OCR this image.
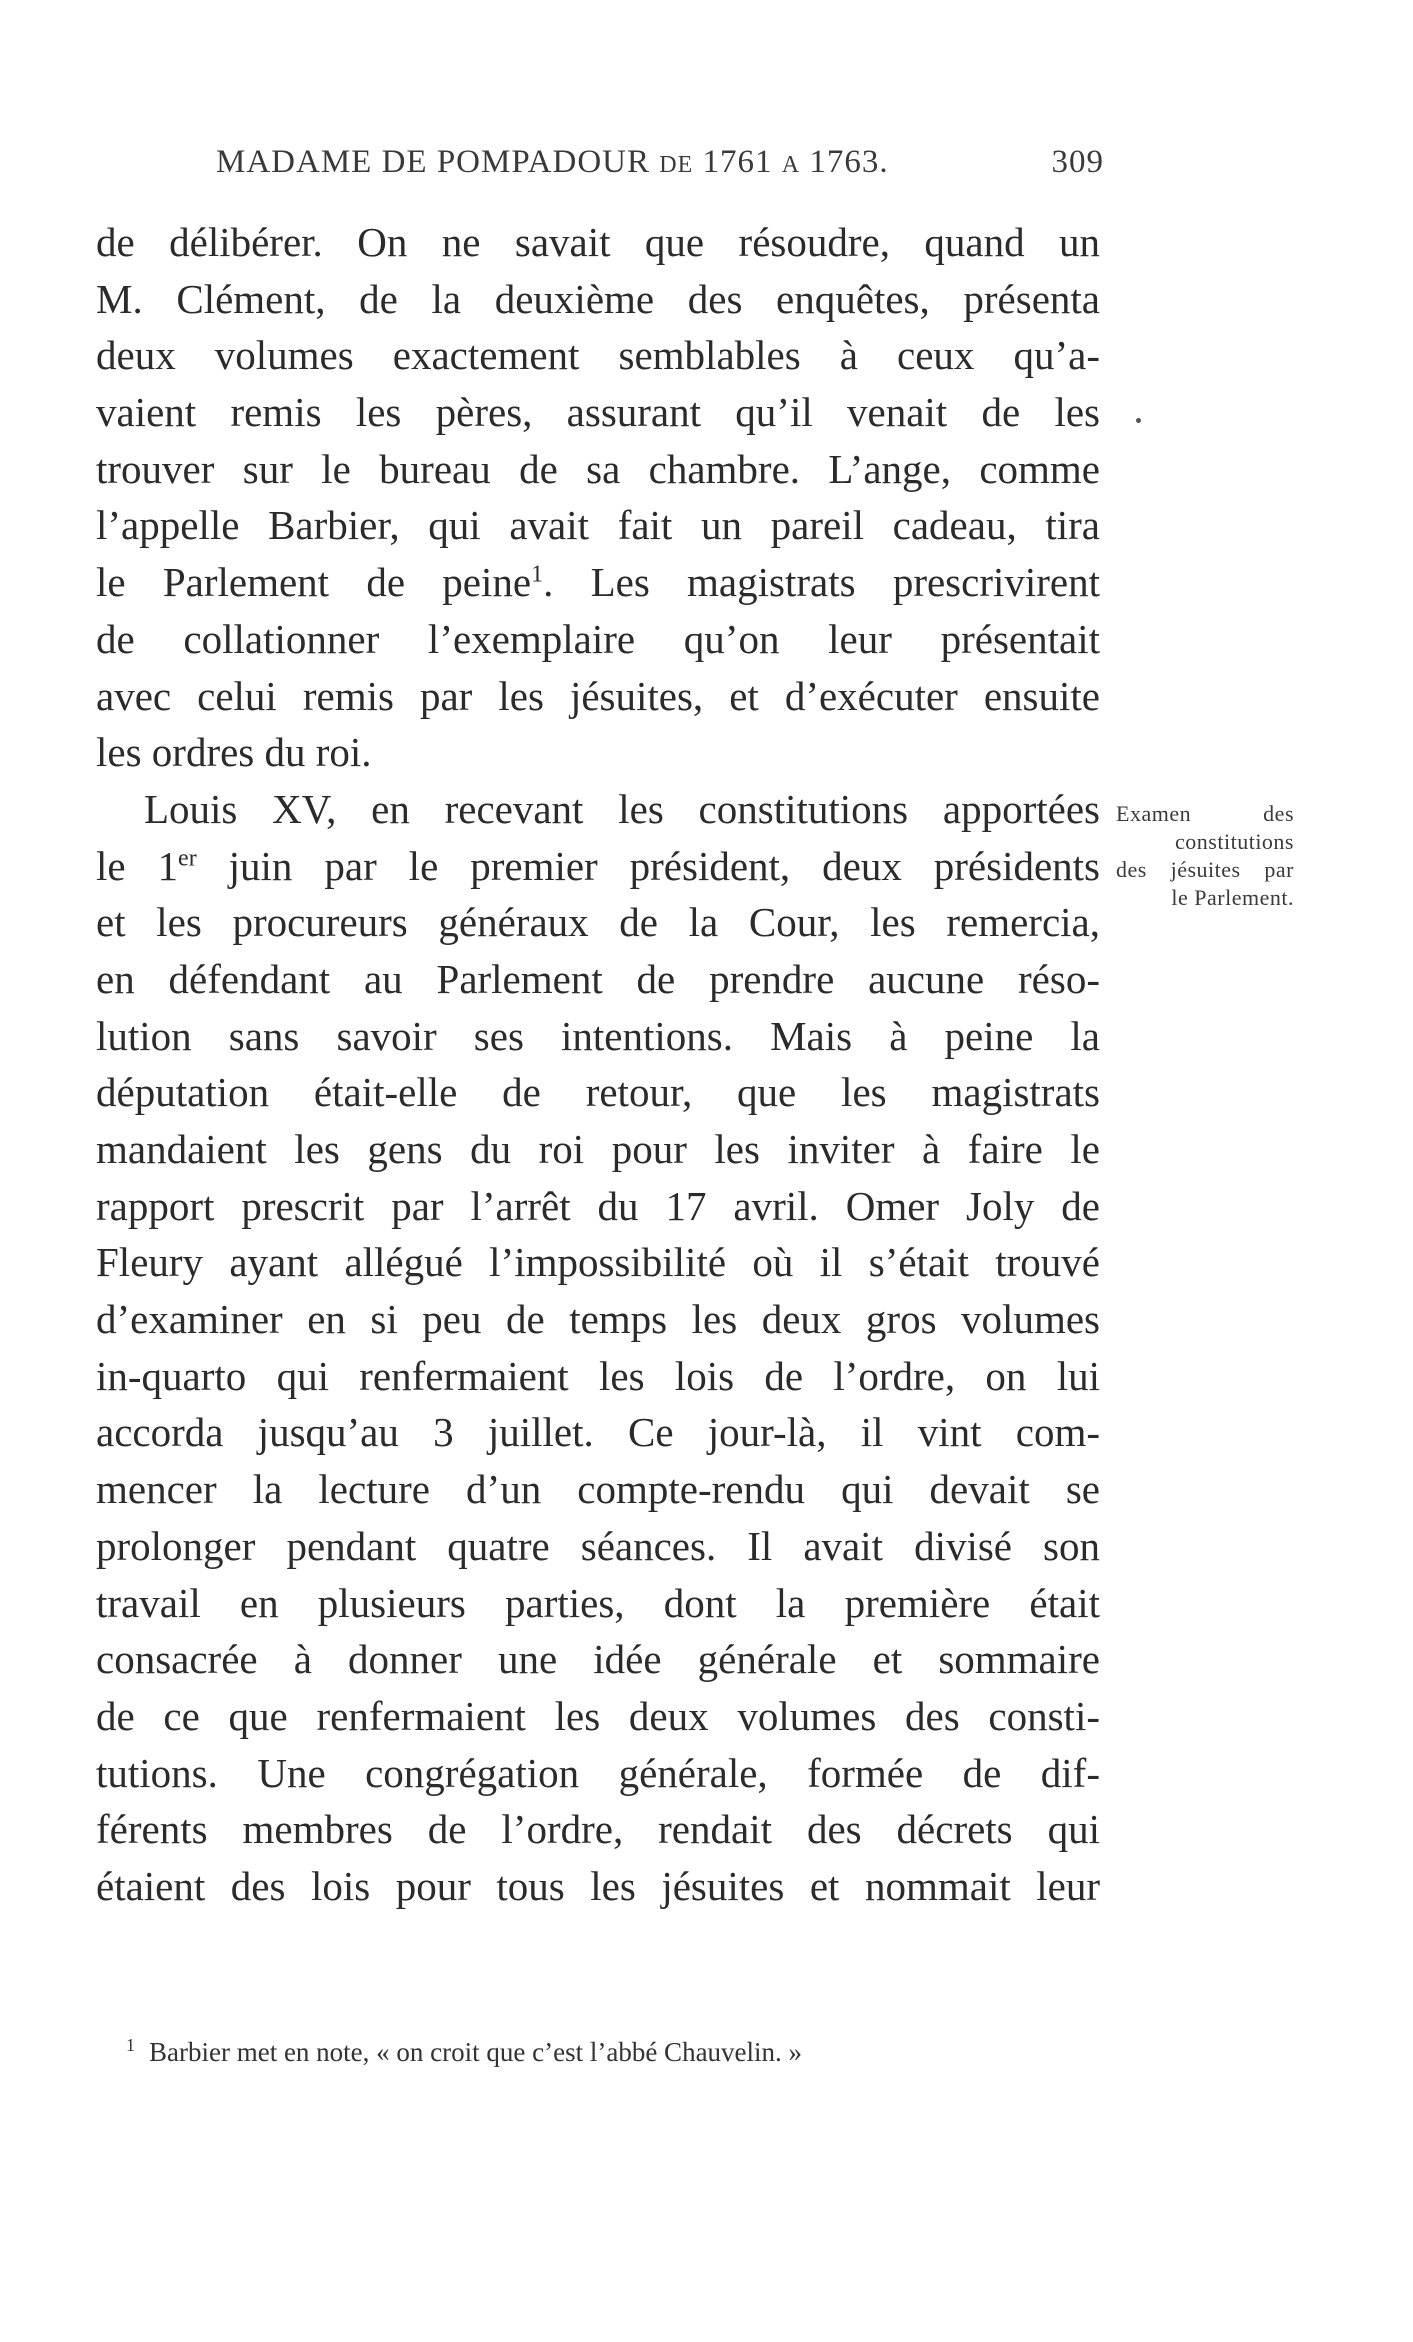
MADAME DE POMPADOUR DE 1761 A 1763.	309
de délibérer. On ne savait que résoudre, quand un
M. Clément, de la deuxième des enquêtes, présenta
deux volumes exactement semblables à ceux qu’a-
vaient remis les pères, assurant qu’il venait de les
trouver sur le bureau de sa chambre. L’ange, comme
l’appelle Barbier, qui avait fait un pareil cadeau, tira
le Parlement de peine$^1$. Les magistrats prescrivirent
de collationner l’exemplaire qu’on leur présentait
avec celui remis par les jésuites, et d’exécuter ensuite
les ordres du roi.
Louis XV, en recevant les constitutions apportées
le 1er juin par le premier président, deux présidents
et les procureurs généraux de la Cour, les remercia,
en défendant au Parlement de prendre aucune réso-
lution sans savoir ses intentions. Mais à peine la
députation était-elle de retour, que les magistrats
mandaient les gens du roi pour les inviter à faire le
rapport prescrit par l’arrêt du 17 avril. Omer Joly de
Fleury ayant allégué l’impossibilité où il s’était trouvé
d’examiner en si peu de temps les deux gros volumes
in-quarto qui renfermaient les lois de l’ordre, on lui
accorda jusqu’au 3 juillet. Ce jour-là, il vint com-
mencer la lecture d’un compte-rendu qui devait se
prolonger pendant quatre séances. Il avait divisé son
travail en plusieurs parties, dont la première était
consacrée à donner une idée générale et sommaire
de ce que renfermaient les deux volumes des consti-
tutions. Une congrégation générale, formée de dif-
férents membres de l’ordre, rendait des décrets qui
étaient des lois pour tous les jésuites et nommait leur
Examen des
constitutions
des jésuites par
le Parlement.
$^1$ Barbier met en note, « on croit que c’est l’abbé Chauvelin. »
